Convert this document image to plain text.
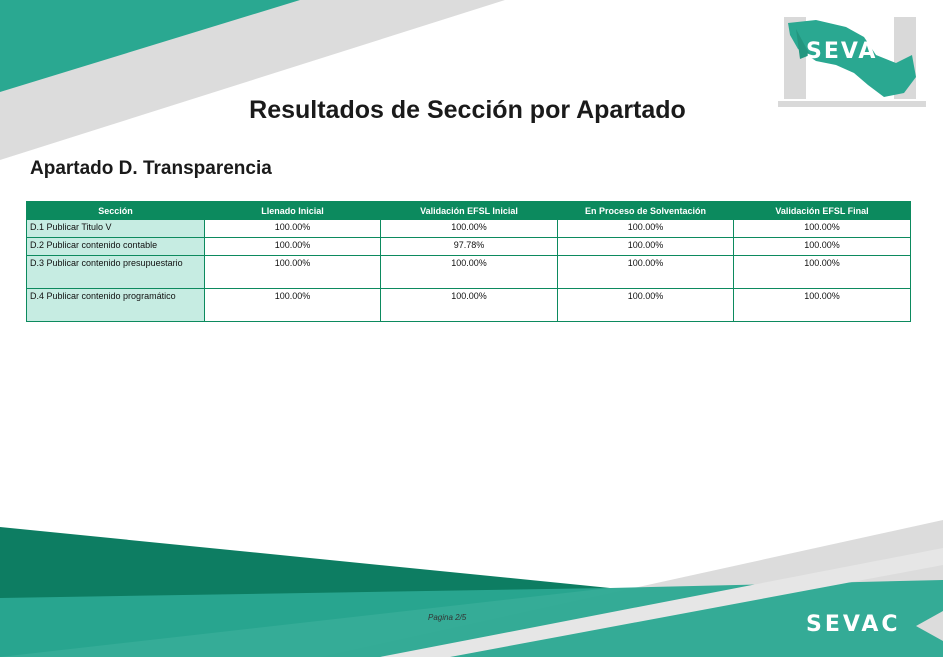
SEVAC
Resultados de Sección por Apartado
Apartado D. Transparencia
Sección	Llenado Inicial	Validación EFSL Inicial	En Proceso de Solventación	Validación EFSL Final
D.1 Publicar Titulo V	100.00%	100.00%	100.00%	100.00%
D.2 Publicar contenido contable	100.00%	97.78%	100.00%	100.00%
D.3 Publicar contenido presupuestario	100.00%	100.00%	100.00%	100.00%
D.4 Publicar contenido programático	100.00%	100.00%	100.00%	100.00%
Pagina 2/5	SEVAC
